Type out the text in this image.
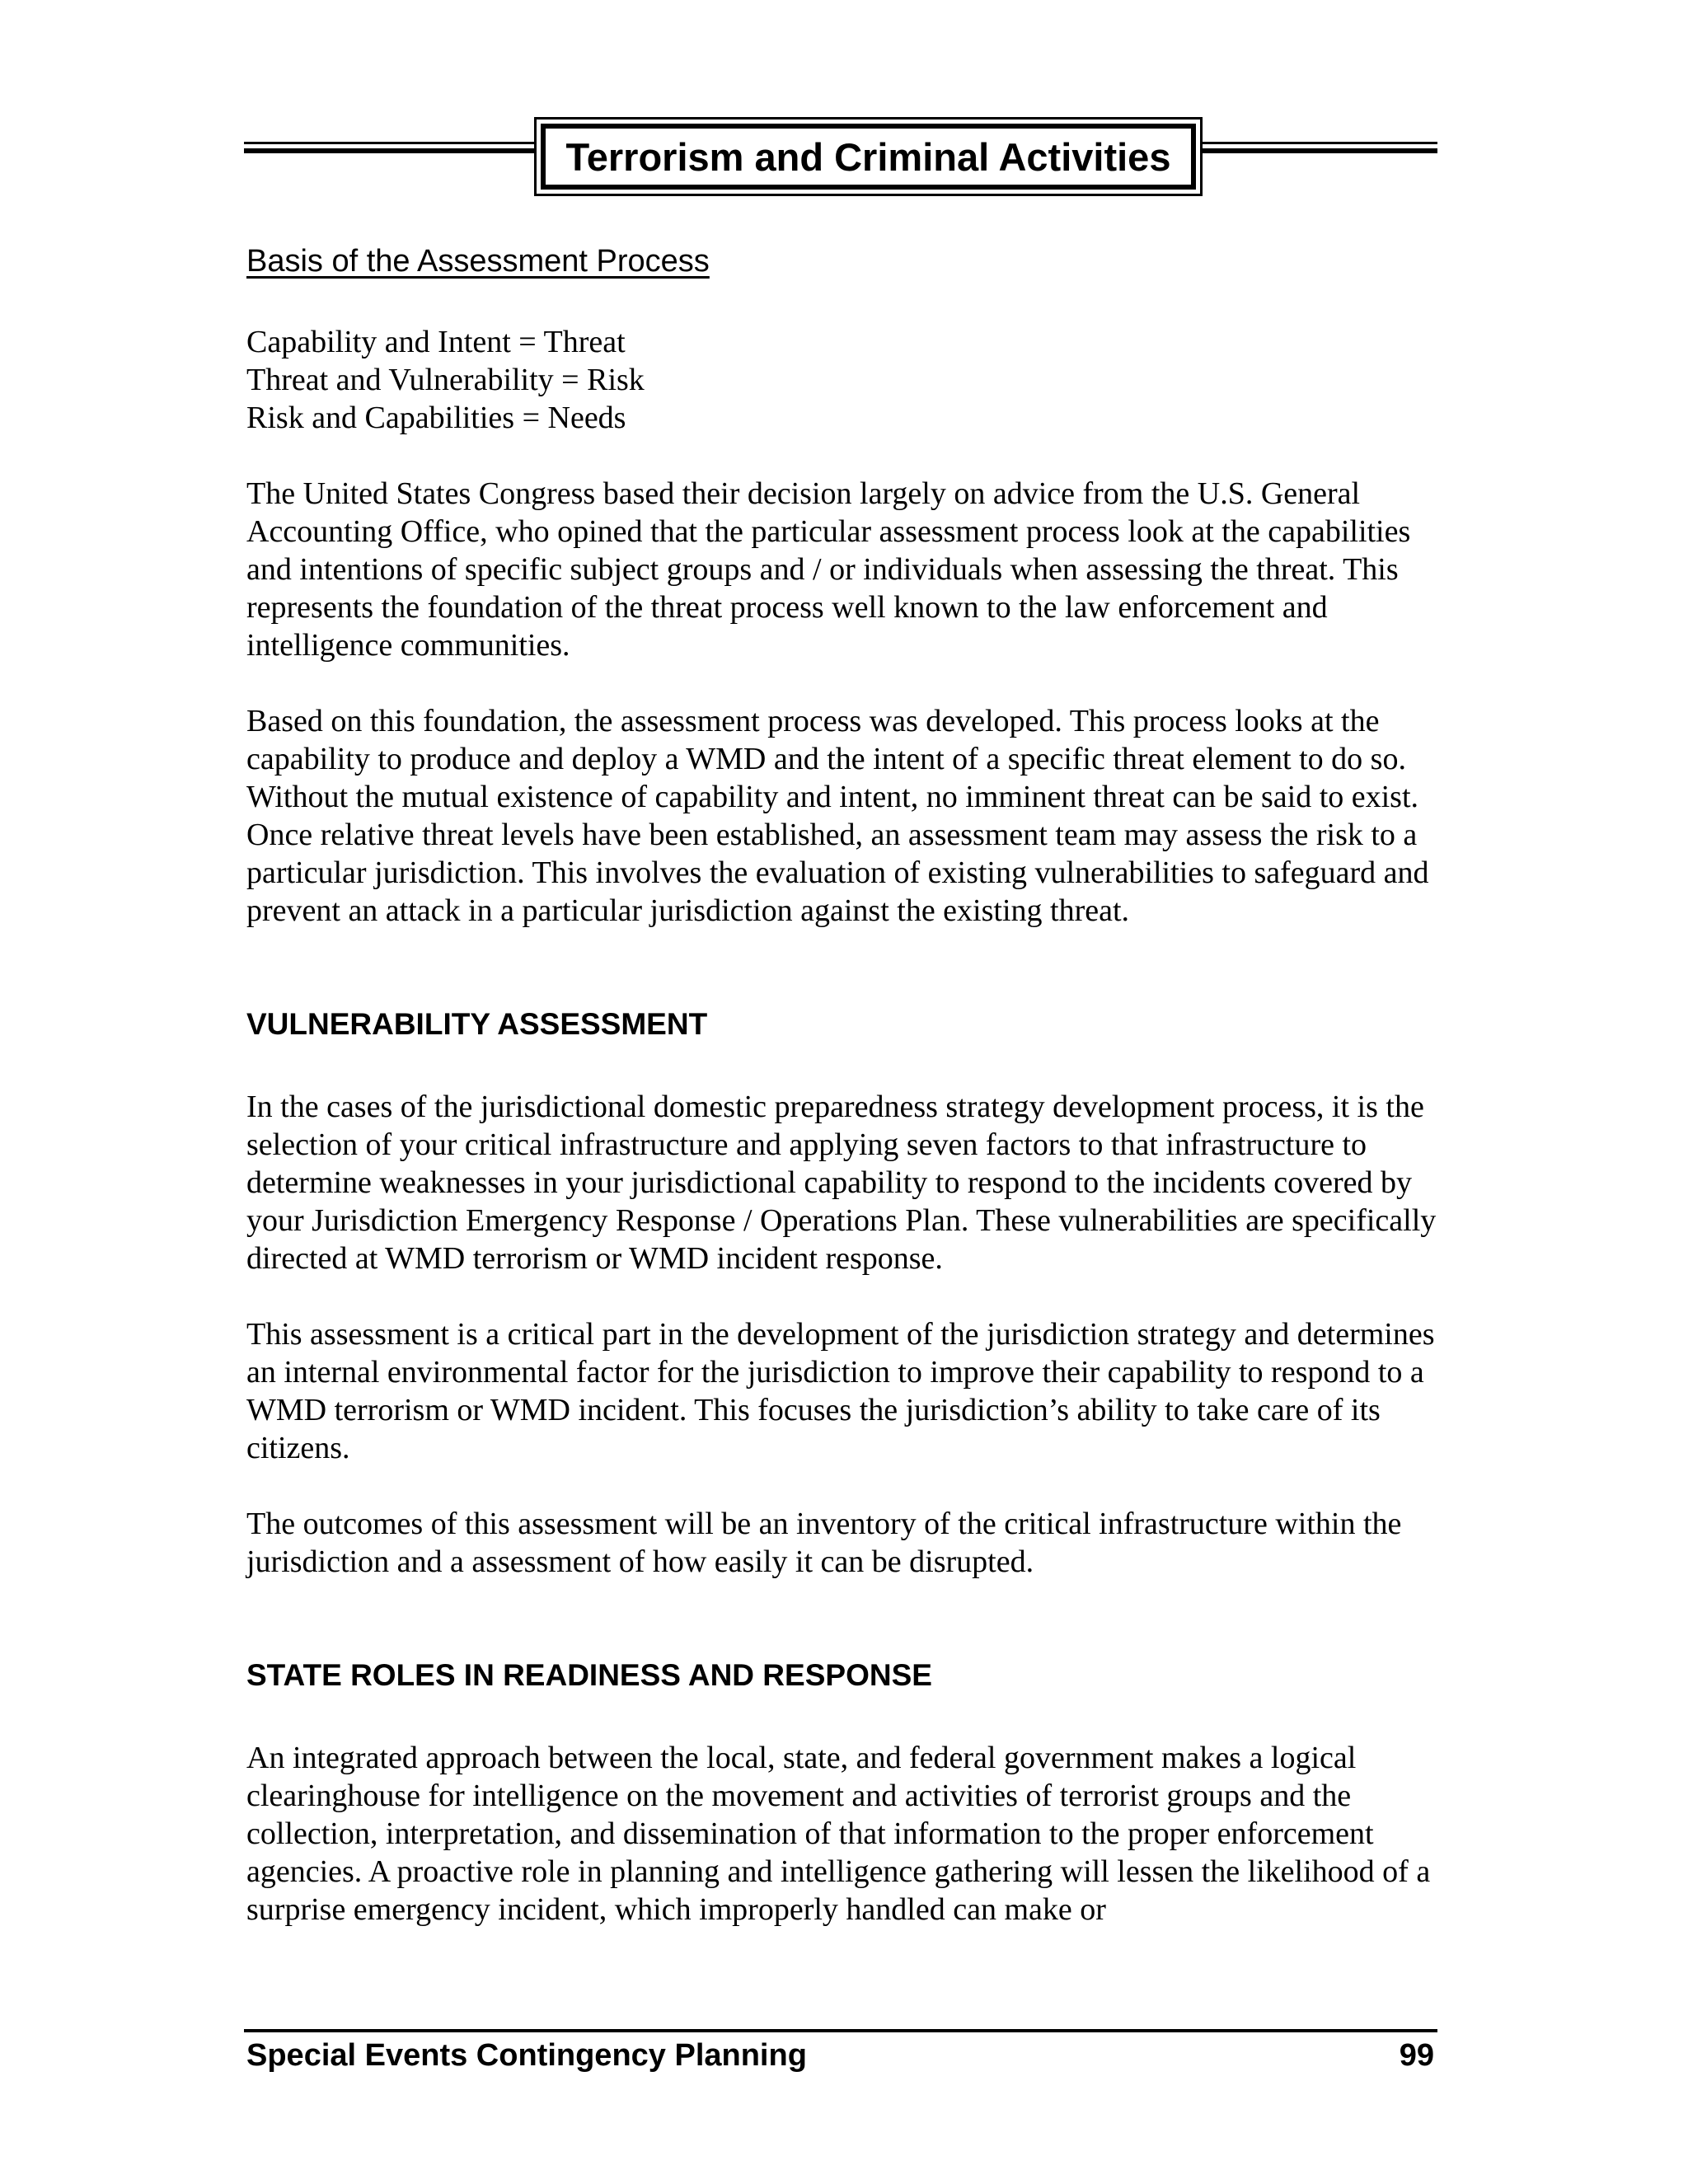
Terrorism and Criminal Activities
Basis of the Assessment Process
Capability and Intent = Threat
Threat and Vulnerability = Risk
Risk and Capabilities = Needs

The United States Congress based their decision largely on advice from the U.S. General Accounting Office, who opined that the particular assessment process look at the capabilities and intentions of specific subject groups and / or individuals when assessing the threat. This represents the foundation of the threat process well known to the law enforcement and intelligence communities.

Based on this foundation, the assessment process was developed. This process looks at the capability to produce and deploy a WMD and the intent of a specific threat element to do so. Without the mutual existence of capability and intent, no imminent threat can be said to exist. Once relative threat levels have been established, an assessment team may assess the risk to a particular jurisdiction. This involves the evaluation of existing vulnerabilities to safeguard and prevent an attack in a particular jurisdiction against the existing threat.

VULNERABILITY ASSESSMENT

In the cases of the jurisdictional domestic preparedness strategy development process, it is the selection of your critical infrastructure and applying seven factors to that infrastructure to determine weaknesses in your jurisdictional capability to respond to the incidents covered by your Jurisdiction Emergency Response / Operations Plan. These vulnerabilities are specifically directed at WMD terrorism or WMD incident response.

This assessment is a critical part in the development of the jurisdiction strategy and determines an internal environmental factor for the jurisdiction to improve their capability to respond to a WMD terrorism or WMD incident. This focuses the jurisdiction’s ability to take care of its citizens.

The outcomes of this assessment will be an inventory of the critical infrastructure within the jurisdiction and a assessment of how easily it can be disrupted.

STATE ROLES IN READINESS AND RESPONSE

An integrated approach between the local, state, and federal government makes a logical clearinghouse for intelligence on the movement and activities of terrorist groups and the collection, interpretation, and dissemination of that information to the proper enforcement agencies. A proactive role in planning and intelligence gathering will lessen the likelihood of a surprise emergency incident, which improperly handled can make or

Special Events Contingency Planning	99
